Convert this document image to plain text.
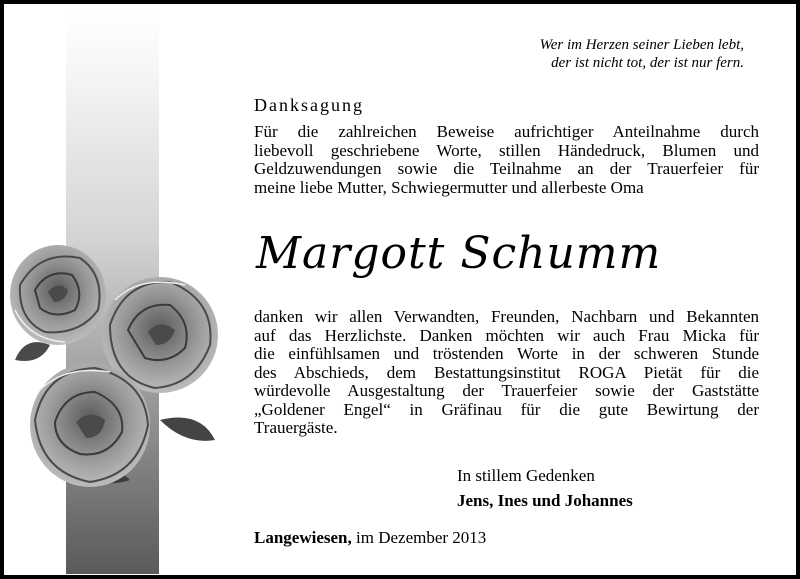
Wer im Herzen seiner Lieben lebt,
der ist nicht tot, der ist nur fern.
Danksagung
Für die zahlreichen Beweise aufrichtiger Anteilnahme durch
liebevoll geschriebene Worte, stillen Händedruck, Blumen und
Geldzuwendungen sowie die Teilnahme an der Trauerfeier für
meine liebe Mutter, Schwiegermutter und allerbeste Oma
Margott Schumm
danken wir allen Verwandten, Freunden, Nachbarn und Bekannten
auf das Herzlichste. Danken möchten wir auch Frau Micka für
die einfühlsamen und tröstenden Worte in der schweren Stunde
des Abschieds, dem Bestattungsinstitut ROGA Pietät für die
würdevolle Ausgestaltung der Trauerfeier sowie der Gaststätte
„Goldener Engel“ in Gräfinau für die gute Bewirtung der
Trauergäste.
In stillem Gedenken
Jens, Ines und Johannes
Langewiesen, im Dezember 2013
